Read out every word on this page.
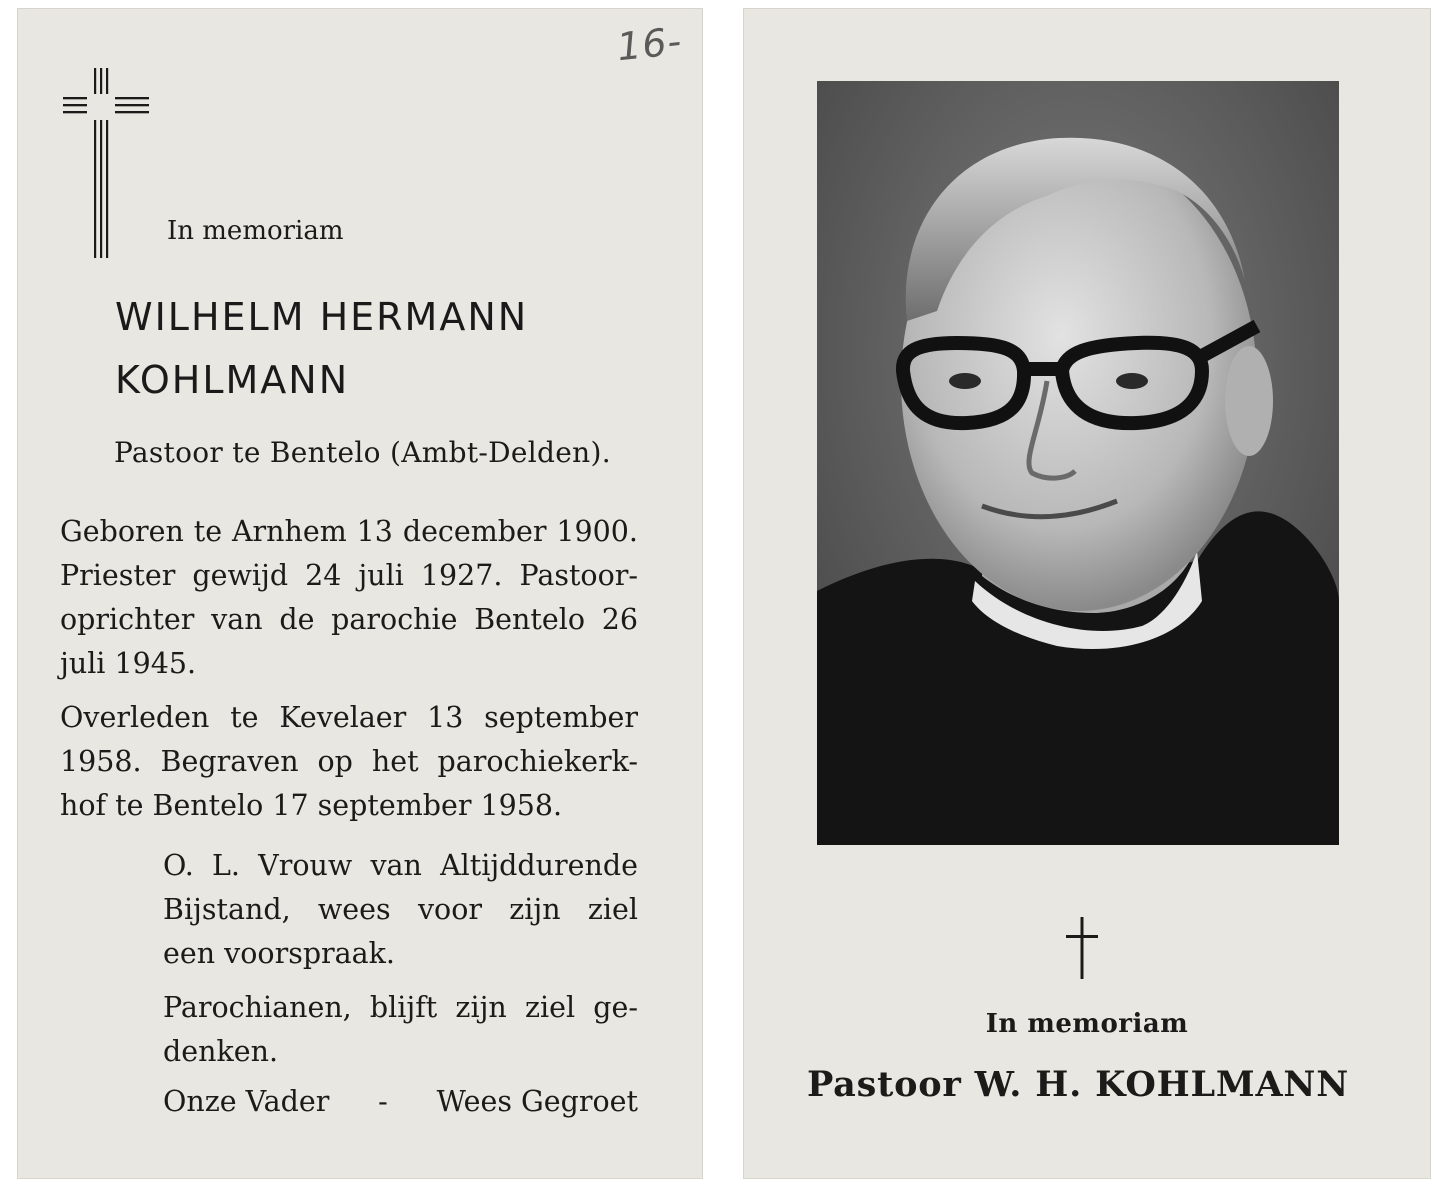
16-
In memoriam
WILHELM HERMANN
KOHLMANN
Pastoor te Bentelo (Ambt-Delden).
Geboren te Arnhem 13 december 1900.
Priester gewijd 24 juli 1927. Pastoor-
oprichter van de parochie Bentelo 26
juli 1945.
Overleden te Kevelaer 13 september
1958. Begraven op het parochiekerk-
hof te Bentelo 17 september 1958.
O. L. Vrouw van Altijddurende
Bijstand, wees voor zijn ziel
een voorspraak.
Parochianen, blijft zijn ziel ge-
denken.
Onze Vader - Wees Gegroet
In memoriam
Pastoor W. H. KOHLMANN
